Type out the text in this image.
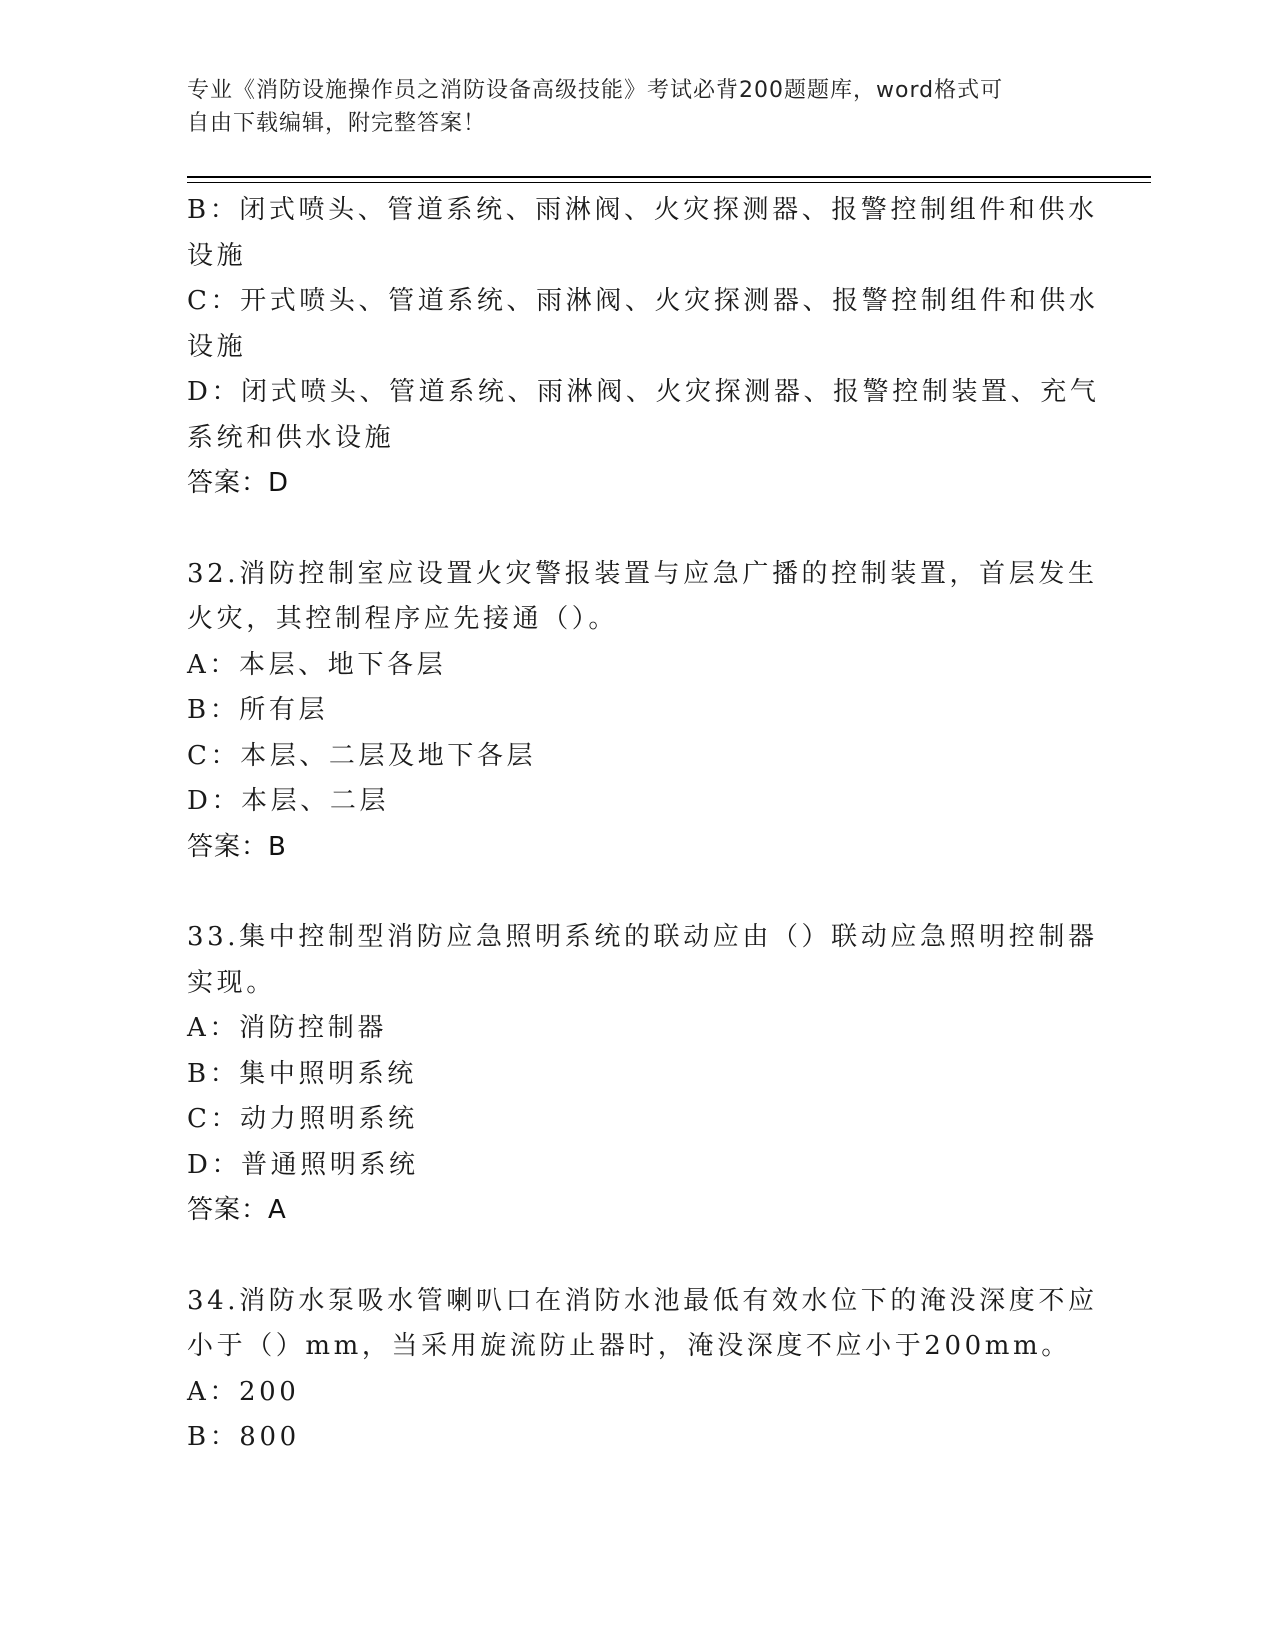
专业《消防设施操作员之消防设备高级技能》考试必背200题题库，word格式可
自由下载编辑，附完整答案！
B：闭式喷头、管道系统、雨淋阀、火灾探测器、报警控制组件和供水
设施
C：开式喷头、管道系统、雨淋阀、火灾探测器、报警控制组件和供水
设施
D：闭式喷头、管道系统、雨淋阀、火灾探测器、报警控制装置、充气
系统和供水设施
答案：D
32.消防控制室应设置火灾警报装置与应急广播的控制装置，首层发生
火灾，其控制程序应先接通（）。
A：本层、地下各层
B：所有层
C：本层、二层及地下各层
D：本层、二层
答案：B
33.集中控制型消防应急照明系统的联动应由（）联动应急照明控制器
实现。
A：消防控制器
B：集中照明系统
C：动力照明系统
D：普通照明系统
答案：A
34.消防水泵吸水管喇叭口在消防水池最低有效水位下的淹没深度不应
小于（）mm，当采用旋流防止器时，淹没深度不应小于200mm。
A：200
B：800
